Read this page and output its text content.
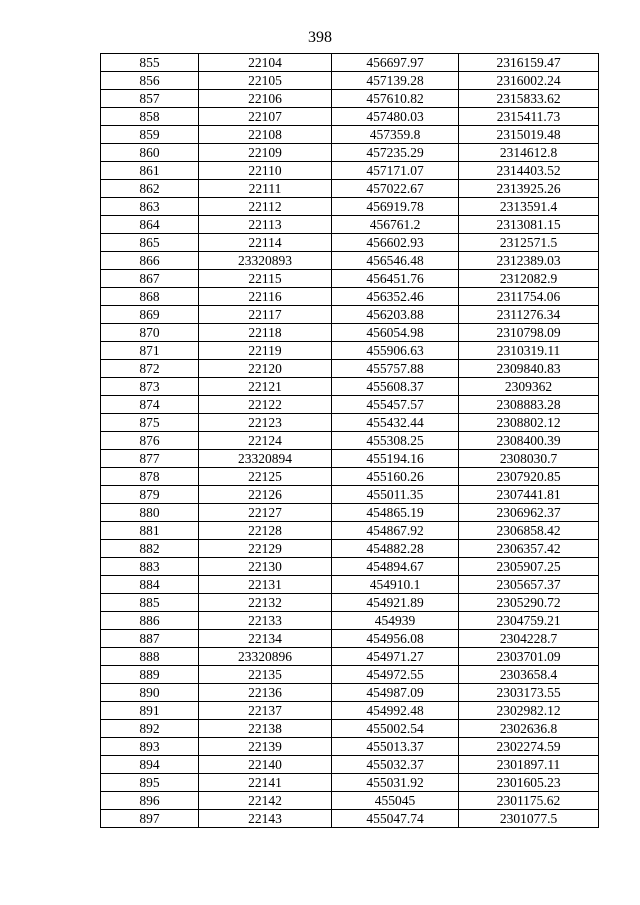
398
855	22104	456697.97	2316159.47
856	22105	457139.28	2316002.24
857	22106	457610.82	2315833.62
858	22107	457480.03	2315411.73
859	22108	457359.8	2315019.48
860	22109	457235.29	2314612.8
861	22110	457171.07	2314403.52
862	22111	457022.67	2313925.26
863	22112	456919.78	2313591.4
864	22113	456761.2	2313081.15
865	22114	456602.93	2312571.5
866	23320893	456546.48	2312389.03
867	22115	456451.76	2312082.9
868	22116	456352.46	2311754.06
869	22117	456203.88	2311276.34
870	22118	456054.98	2310798.09
871	22119	455906.63	2310319.11
872	22120	455757.88	2309840.83
873	22121	455608.37	2309362
874	22122	455457.57	2308883.28
875	22123	455432.44	2308802.12
876	22124	455308.25	2308400.39
877	23320894	455194.16	2308030.7
878	22125	455160.26	2307920.85
879	22126	455011.35	2307441.81
880	22127	454865.19	2306962.37
881	22128	454867.92	2306858.42
882	22129	454882.28	2306357.42
883	22130	454894.67	2305907.25
884	22131	454910.1	2305657.37
885	22132	454921.89	2305290.72
886	22133	454939	2304759.21
887	22134	454956.08	2304228.7
888	23320896	454971.27	2303701.09
889	22135	454972.55	2303658.4
890	22136	454987.09	2303173.55
891	22137	454992.48	2302982.12
892	22138	455002.54	2302636.8
893	22139	455013.37	2302274.59
894	22140	455032.37	2301897.11
895	22141	455031.92	2301605.23
896	22142	455045	2301175.62
897	22143	455047.74	2301077.5
